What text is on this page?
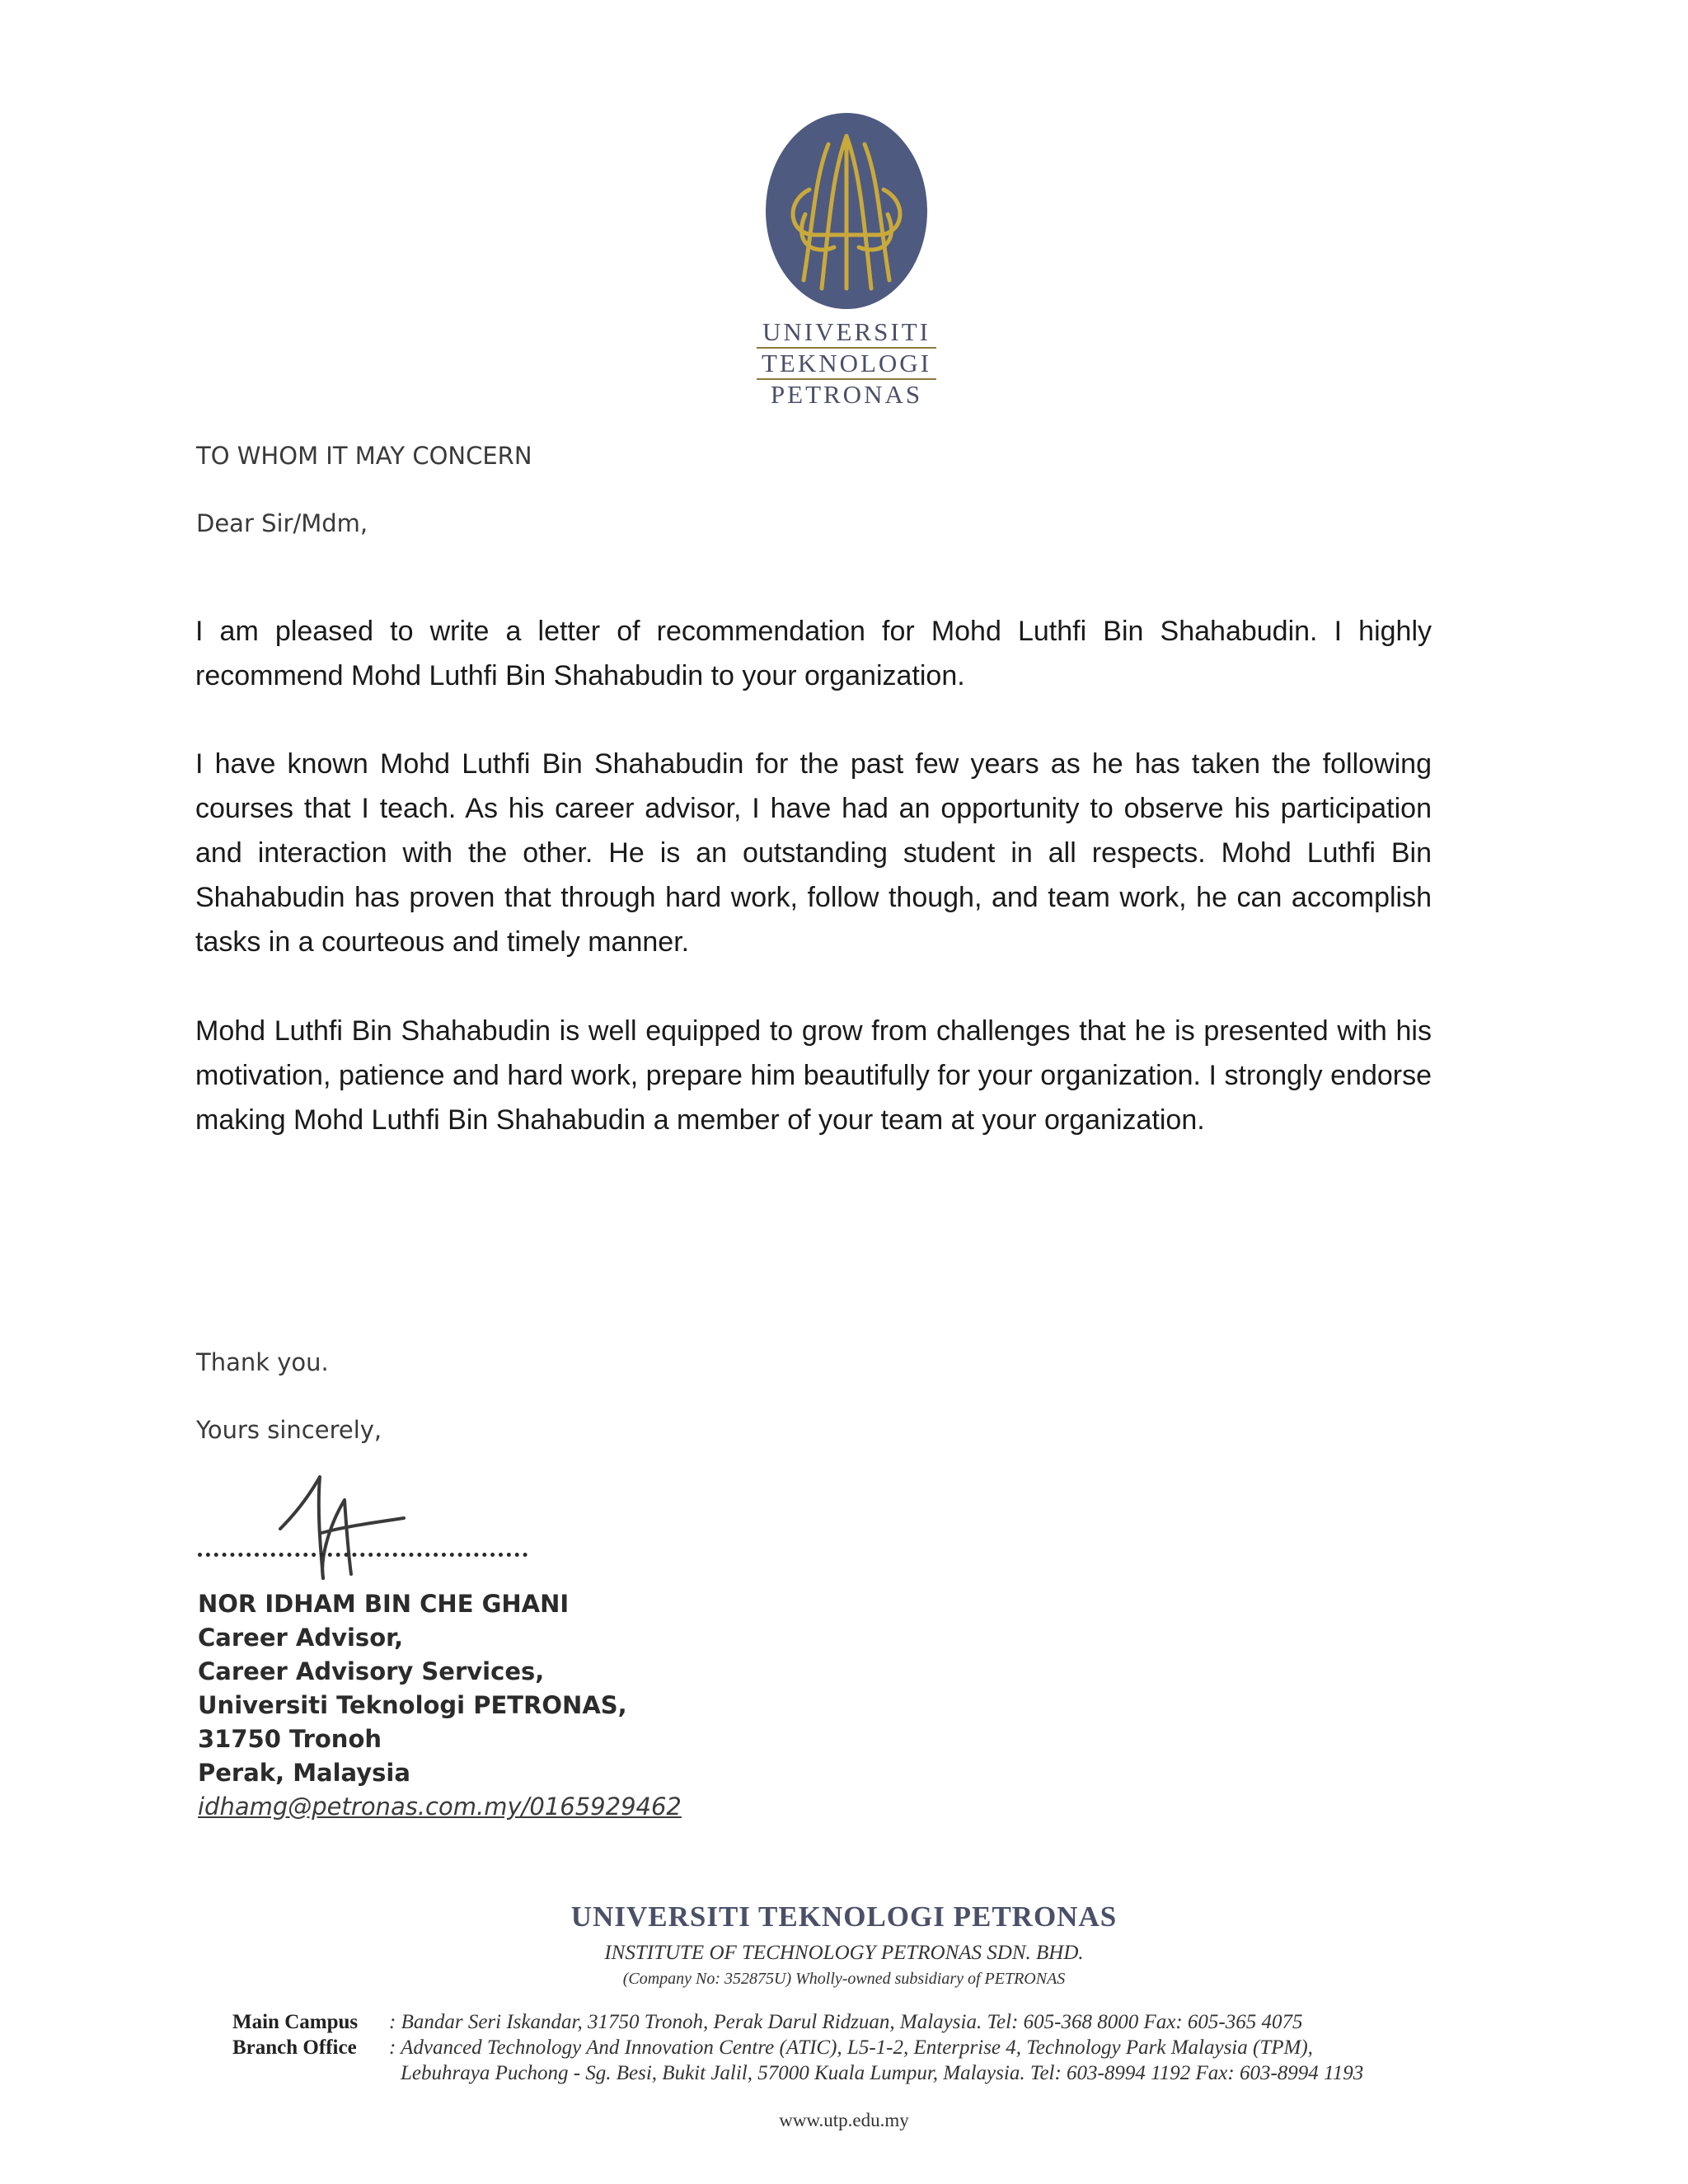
UNIVERSITI
TEKNOLOGI
PETRONAS
TO WHOM IT MAY CONCERN
Dear Sir/Mdm,
I am pleased to write a letter of recommendation for Mohd Luthfi Bin Shahabudin. I highly recommend Mohd Luthfi Bin Shahabudin to your organization.
I have known Mohd Luthfi Bin Shahabudin for the past few years as he has taken the following courses that I teach. As his career advisor, I have had an opportunity to observe his participation and interaction with the other. He is an outstanding student in all respects. Mohd Luthfi Bin Shahabudin has proven that through hard work, follow though, and team work, he can accomplish tasks in a courteous and timely manner.
Mohd Luthfi Bin Shahabudin is well equipped to grow from challenges that he is presented with his motivation, patience and hard work, prepare him beautifully for your organization. I strongly endorse making Mohd Luthfi Bin Shahabudin a member of your team at your organization.
Thank you.
Yours sincerely,
NOR IDHAM BIN CHE GHANI
Career Advisor,
Career Advisory Services,
Universiti Teknologi PETRONAS,
31750 Tronoh
Perak, Malaysia
idhamg@petronas.com.my/0165929462
UNIVERSITI TEKNOLOGI PETRONAS
INSTITUTE OF TECHNOLOGY PETRONAS SDN. BHD.
(Company No: 352875U) Wholly-owned subsidiary of PETRONAS
Main Campus : Bandar Seri Iskandar, 31750 Tronoh, Perak Darul Ridzuan, Malaysia. Tel: 605-368 8000 Fax: 605-365 4075
Branch Office : Advanced Technology And Innovation Centre (ATIC), L5-1-2, Enterprise 4, Technology Park Malaysia (TPM),
Lebuhraya Puchong - Sg. Besi, Bukit Jalil, 57000 Kuala Lumpur, Malaysia. Tel: 603-8994 1192 Fax: 603-8994 1193
www.utp.edu.my
